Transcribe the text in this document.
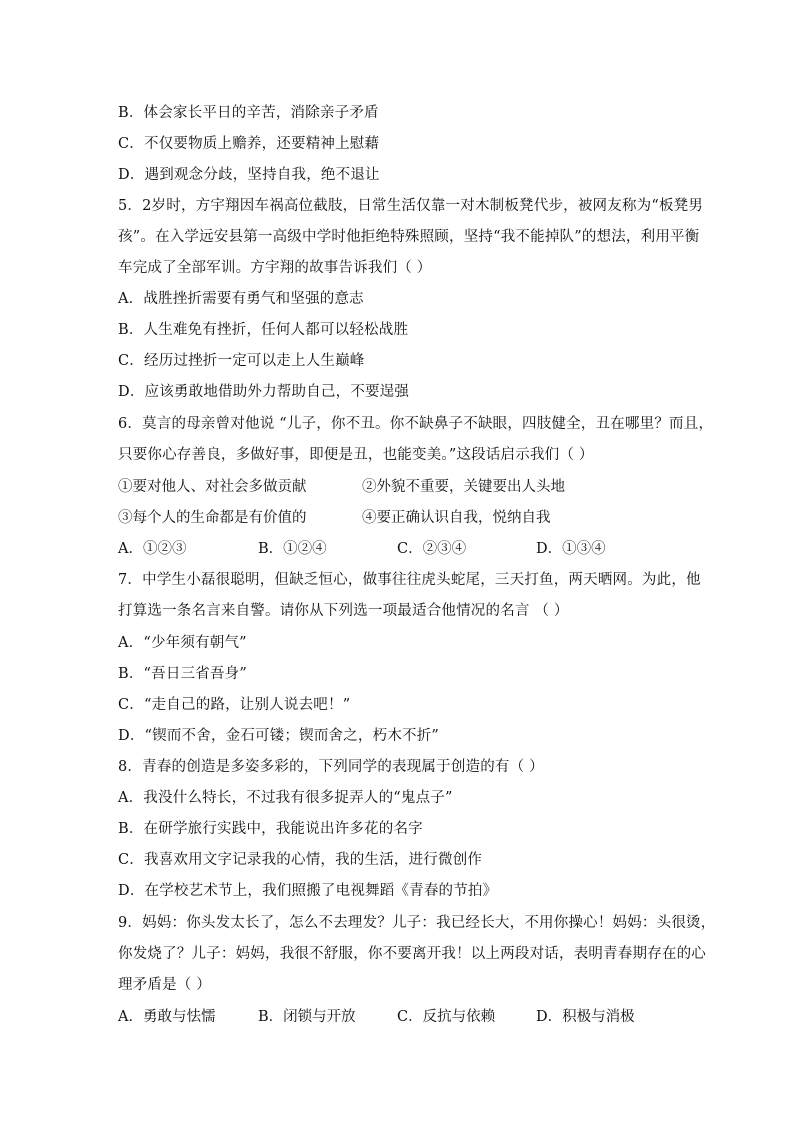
B．体会家长平日的辛苦，消除亲子矛盾
C．不仅要物质上赡养，还要精神上慰藉
D．遇到观念分歧，坚持自我，绝不退让
5．2岁时，方宇翔因车祸高位截肢，日常生活仅靠一对木制板凳代步，被网友称为“板凳男
孩”。在入学远安县第一高级中学时他拒绝特殊照顾，坚持“我不能掉队”的想法，利用平衡
车完成了全部军训。方宇翔的故事告诉我们（ ）
A．战胜挫折需要有勇气和坚强的意志
B．人生难免有挫折，任何人都可以轻松战胜
C．经历过挫折一定可以走上人生巅峰
D．应该勇敢地借助外力帮助自己，不要逞强
6．莫言的母亲曾对他说 “儿子，你不丑。你不缺鼻子不缺眼，四肢健全，丑在哪里？而且，
只要你心存善良，多做好事，即便是丑，也能变美。”这段话启示我们（ ）
①要对他人、对社会多做贡献	②外貌不重要，关键要出人头地
③每个人的生命都是有价值的	④要正确认识自我，悦纳自我
A．①②③	B．①②④	C．②③④	D．①③④
7．中学生小磊很聪明，但缺乏恒心，做事往往虎头蛇尾，三天打鱼，两天晒网。为此，他
打算选一条名言来自警。请你从下列选一项最适合他情况的名言 （ ）
A．“少年须有朝气”
B．“吾日三省吾身”
C．“走自己的路，让别人说去吧！”
D．“锲而不舍，金石可镂；锲而舍之，朽木不折”
8．青春的创造是多姿多彩的，下列同学的表现属于创造的有（ ）
A．我没什么特长，不过我有很多捉弄人的“鬼点子”
B．在研学旅行实践中，我能说出许多花的名字
C．我喜欢用文字记录我的心情，我的生活，进行微创作
D．在学校艺术节上，我们照搬了电视舞蹈《青春的节拍》
9．妈妈：你头发太长了，怎么不去理发？儿子：我已经长大，不用你操心！妈妈：头很烫，
你发烧了？儿子：妈妈，我很不舒服，你不要离开我！以上两段对话，表明青春期存在的心
理矛盾是（ ）
A．勇敢与怯懦	B．闭锁与开放	C．反抗与依赖	D．积极与消极
